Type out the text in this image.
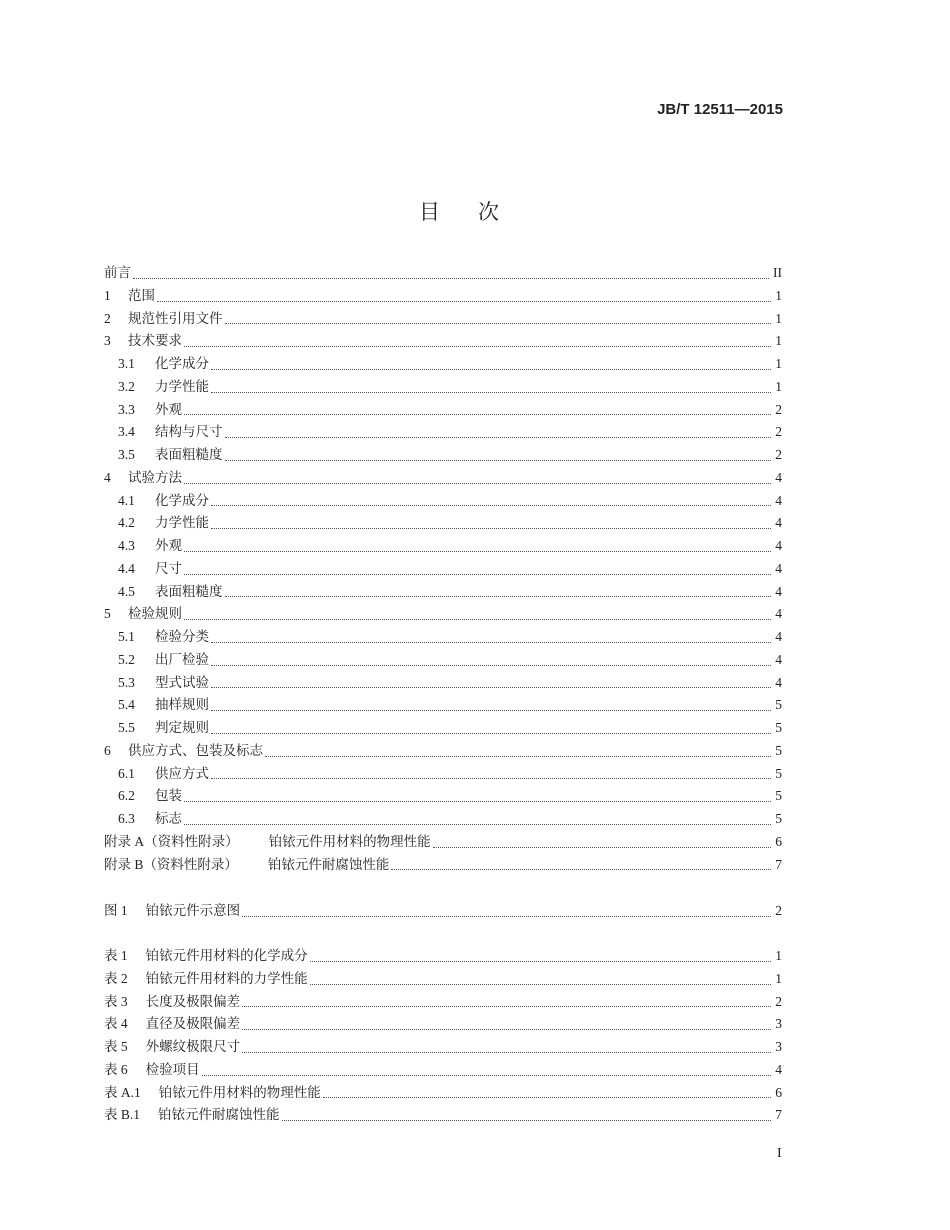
JB/T 12511—2015
目次
前言	II
1 范围	1
2 规范性引用文件	1
3 技术要求	1
3.1	化学成分	1
3.2	力学性能	1
3.3	外观	2
3.4	结构与尺寸	2
3.5	表面粗糙度	2
4 试验方法	4
4.1	化学成分	4
4.2	力学性能	4
4.3	外观	4
4.4	尺寸	4
4.5	表面粗糙度	4
5 检验规则	4
5.1	检验分类	4
5.2	出厂检验	4
5.3	型式试验	4
5.4	抽样规则	5
5.5	判定规则	5
6 供应方式、包装及标志	5
6.1	供应方式	5
6.2	包装	5
6.3	标志	5
附录 A（资料性附录） 铂铱元件用材料的物理性能	6
附录 B（资料性附录） 铂铱元件耐腐蚀性能	7
图 1 铂铱元件示意图	2
表 1 铂铱元件用材料的化学成分	1
表 2 铂铱元件用材料的力学性能	1
表 3 长度及极限偏差	2
表 4 直径及极限偏差	3
表 5 外螺纹极限尺寸	3
表 6 检验项目	4
表 A.1 铂铱元件用材料的物理性能	6
表 B.1 铂铱元件耐腐蚀性能	7
I
